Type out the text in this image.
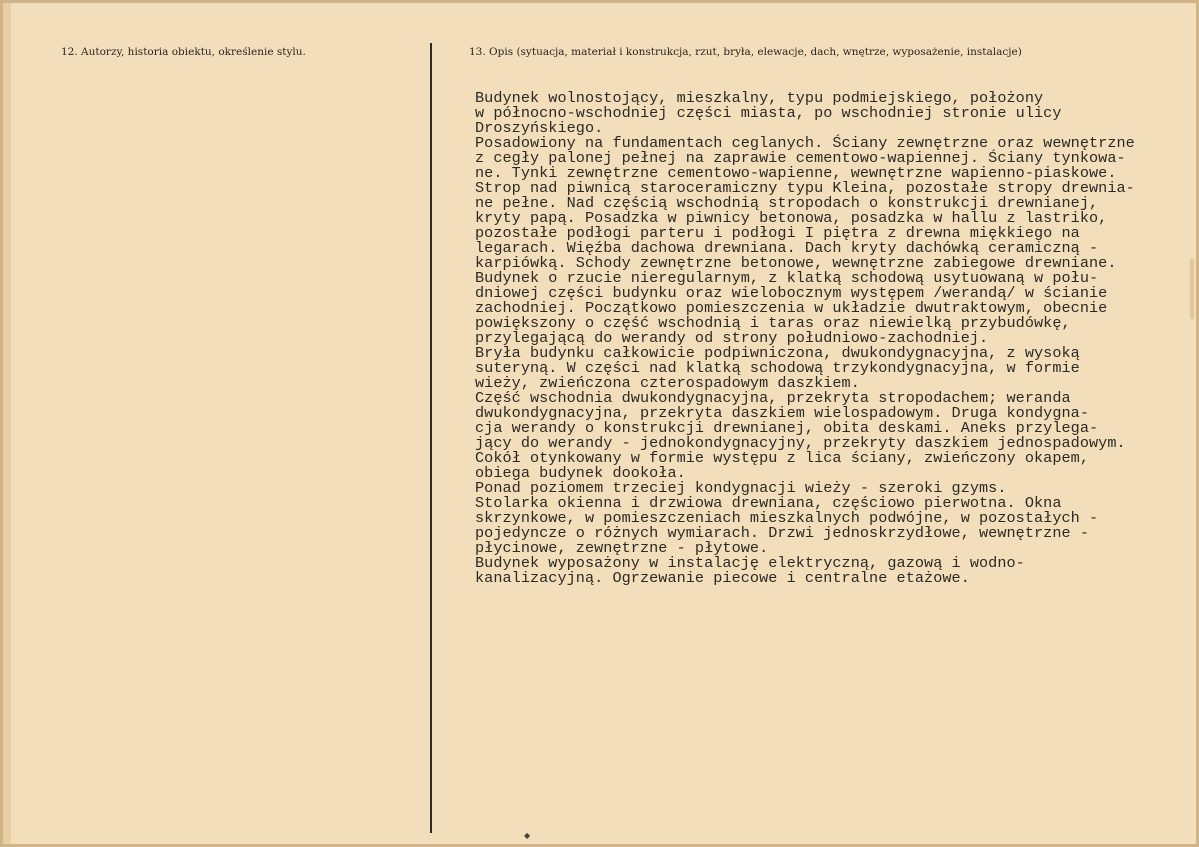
12. Autorzy, historia obiektu, określenie stylu.	13. Opis (sytuacja, materiał i konstrukcja, rzut, bryła, elewacje, dach, wnętrze, wyposażenie, instalacje)
Budynek wolnostojący, mieszkalny, typu podmiejskiego, położony
w północno-wschodniej części miasta, po wschodniej stronie ulicy
Droszyńskiego.
Posadowiony na fundamentach ceglanych. Ściany zewnętrzne oraz wewnętrzne
z cegły palonej pełnej na zaprawie cementowo-wapiennej. Ściany tynkowa-
ne. Tynki zewnętrzne cementowo-wapienne, wewnętrzne wapienno-piaskowe.
Strop nad piwnicą staroceramiczny typu Kleina, pozostałe stropy drewnia-
ne pełne. Nad częścią wschodnią stropodach o konstrukcji drewnianej,
kryty papą. Posadzka w piwnicy betonowa, posadzka w hallu z lastriko,
pozostałe podłogi parteru i podłogi I piętra z drewna miękkiego na
legarach. Więźba dachowa drewniana. Dach kryty dachówką ceramiczną -
karpiówką. Schody zewnętrzne betonowe, wewnętrzne zabiegowe drewniane.
Budynek o rzucie nieregularnym, z klatką schodową usytuowaną w połu-
dniowej części budynku oraz wielobocznym występem /werandą/ w ścianie
zachodniej. Początkowo pomieszczenia w układzie dwutraktowym, obecnie
powiększony o część wschodnią i taras oraz niewielką przybudówkę,
przylegającą do werandy od strony południowo-zachodniej.
Bryła budynku całkowicie podpiwniczona, dwukondygnacyjna, z wysoką
suteryną. W części nad klatką schodową trzykondygnacyjna, w formie
wieży, zwieńczona czterospadowym daszkiem.
Część wschodnia dwukondygnacyjna, przekryta stropodachem; weranda
dwukondygnacyjna, przekryta daszkiem wielospadowym. Druga kondygna-
cja werandy o konstrukcji drewnianej, obita deskami. Aneks przylega-
jący do werandy - jednokondygnacyjny, przekryty daszkiem jednospadowym.
Cokół otynkowany w formie występu z lica ściany, zwieńczony okapem,
obiega budynek dookoła.
Ponad poziomem trzeciej kondygnacji wieży - szeroki gzyms.
Stolarka okienna i drzwiowa drewniana, częściowo pierwotna. Okna
skrzynkowe, w pomieszczeniach mieszkalnych podwójne, w pozostałych -
pojedyncze o różnych wymiarach. Drzwi jednoskrzydłowe, wewnętrzne -
płycinowe, zewnętrzne - płytowe.
Budynek wyposażony w instalację elektryczną, gazową i wodno-
kanalizacyjną. Ogrzewanie piecowe i centralne etażowe.
◆
